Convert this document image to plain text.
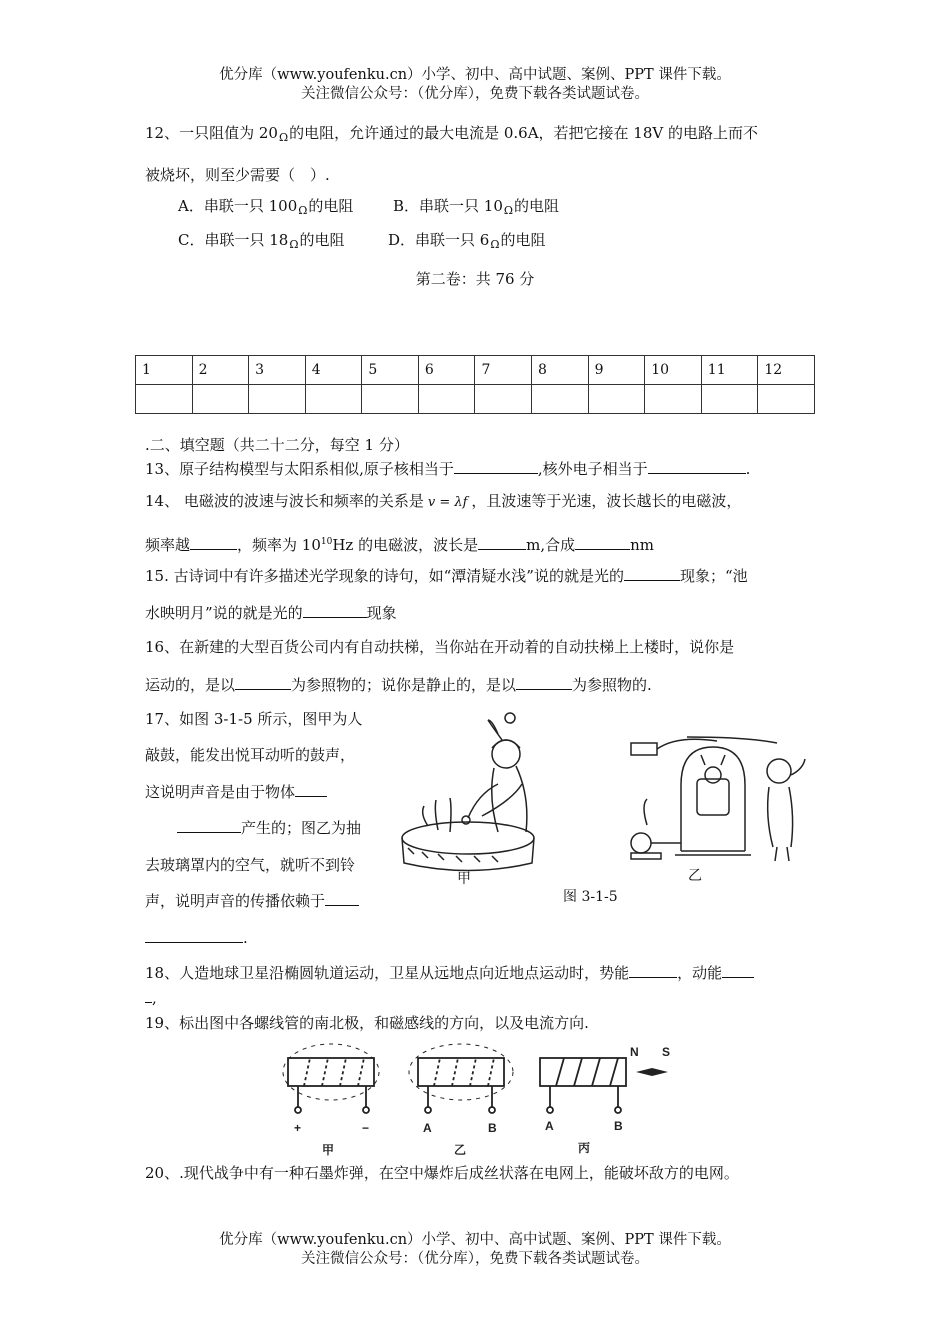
优分库（www.youfenku.cn）小学、初中、高中试题、案例、PPT 课件下载。
关注微信公众号：（优分库），免费下载各类试题试卷。
12、一只阻值为 $20_\Omega$的电阻，允许通过的最大电流是 0.6A，若把它接在 18V 的电路上而不
被烧坏，则至少需要（　）.
A．串联一只 $100_\Omega$的电阻	B．串联一只 $10_\Omega$的电阻
C．串联一只 $18_\Omega$的电阻	D．串联一只 $6_\Omega$的电阻
第二卷：共 76 分
1	2	3	4	5	6	7	8	9	10	11	12

.二、填空题（共二十二分，每空 1 分）
13、原子结构模型与太阳系相似,原子核相当于	,核外电子相当于	.
14、 电磁波的波速与波长和频率的关系是 v = λf ，且波速等于光速，波长越长的电磁波，
频率越	，频率为 $10^{10}Hz$ 的电磁波，波长是	m,合成	nm
15. 古诗词中有许多描述光学现象的诗句，如“潭清疑水浅”说的就是光的	现象；“池
水映明月”说的就是光的	现象
16、在新建的大型百货公司内有自动扶梯，当你站在开动着的自动扶梯上上楼时，说你是
运动的，是以	为参照物的；说你是静止的，是以	为参照物的.
17、如图 3-1-5 所示，图甲为人
敲鼓，能发出悦耳动听的鼓声，
这说明声音是由于物体
产生的；图乙为抽
去玻璃罩内的空气，就听不到铃
声，说明声音的传播依赖于
.
甲	乙
图 3-1-5
18、人造地球卫星沿椭圆轨道运动，卫星从远地点向近地点运动时，势能	，动能
,
19、标出图中各螺线管的南北极，和磁感线的方向，以及电流方向.
+	−	A	B	A	B
N S
甲	乙	丙
20、.现代战争中有一种石墨炸弹，在空中爆炸后成丝状落在电网上，能破坏敌方的电网。
优分库（www.youfenku.cn）小学、初中、高中试题、案例、PPT 课件下载。
关注微信公众号：（优分库），免费下载各类试题试卷。
